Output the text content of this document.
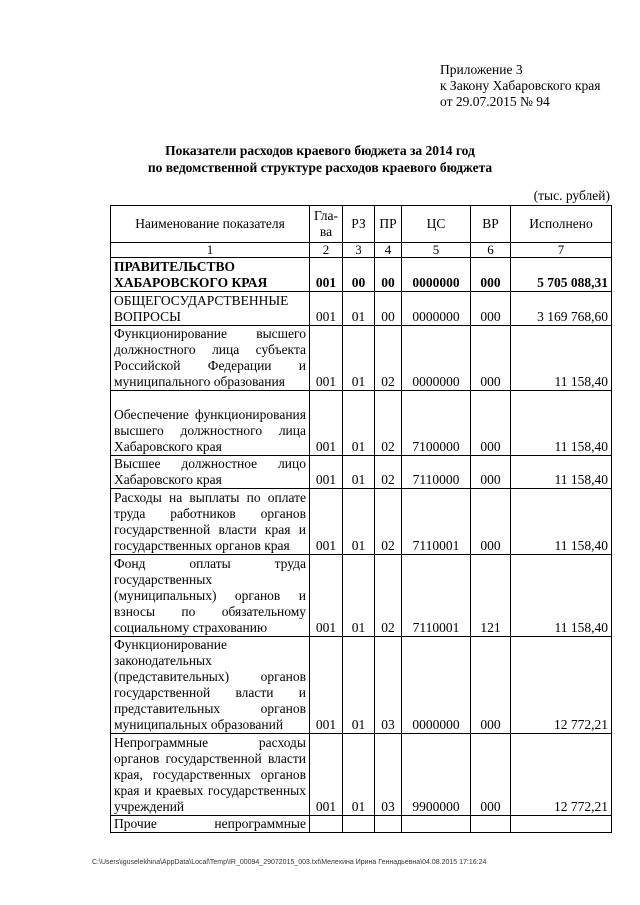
Приложение 3
к Закону Хабаровского края
от 29.07.2015 № 94
Показатели расходов краевого бюджета за 2014 год
по ведомственной структуре расходов краевого бюджета
(тыс. рублей)
Наименование показателя	Гла-ва	РЗ	ПР	ЦС	ВР	Исполнено
1	2	3	4	5	6	7
ПРАВИТЕЛЬСТВО ХАБАРОВСКОГО КРАЯ	001	00	00	0000000	000	5 705 088,31
ОБЩЕГОСУДАРСТВЕННЫЕ ВОПРОСЫ	001	01	00	0000000	000	3 169 768,60
Функционирование высшего должностного лица субъекта Российской Федерации и муниципального образования	001	01	02	0000000	000	11 158,40
Обеспечение функционирования высшего должностного лица Хабаровского края	001	01	02	7100000	000	11 158,40
Высшее должностное лицо Хабаровского края	001	01	02	7110000	000	11 158,40
Расходы на выплаты по оплате труда работников органов государственной власти края и государственных органов края	001	01	02	7110001	000	11 158,40
Фонд оплаты труда государственных (муниципальных) органов и взносы по обязательному социальному страхованию	001	01	02	7110001	121	11 158,40
Функционирование законодательных (представительных) органов государственной власти и представительных органов муниципальных образований	001	01	03	0000000	000	12 772,21
Непрограммные расходы органов государственной власти края, государственных органов края и краевых государственных учреждений	001	01	03	9900000	000	12 772,21
Прочие непрограммные						
C:\Users\iguselekhina\AppData\Local\Temp\IR_00094_29072015_003.txt\Мелехина Ирина Геннадьевна\04.08.2015 17:16:24
